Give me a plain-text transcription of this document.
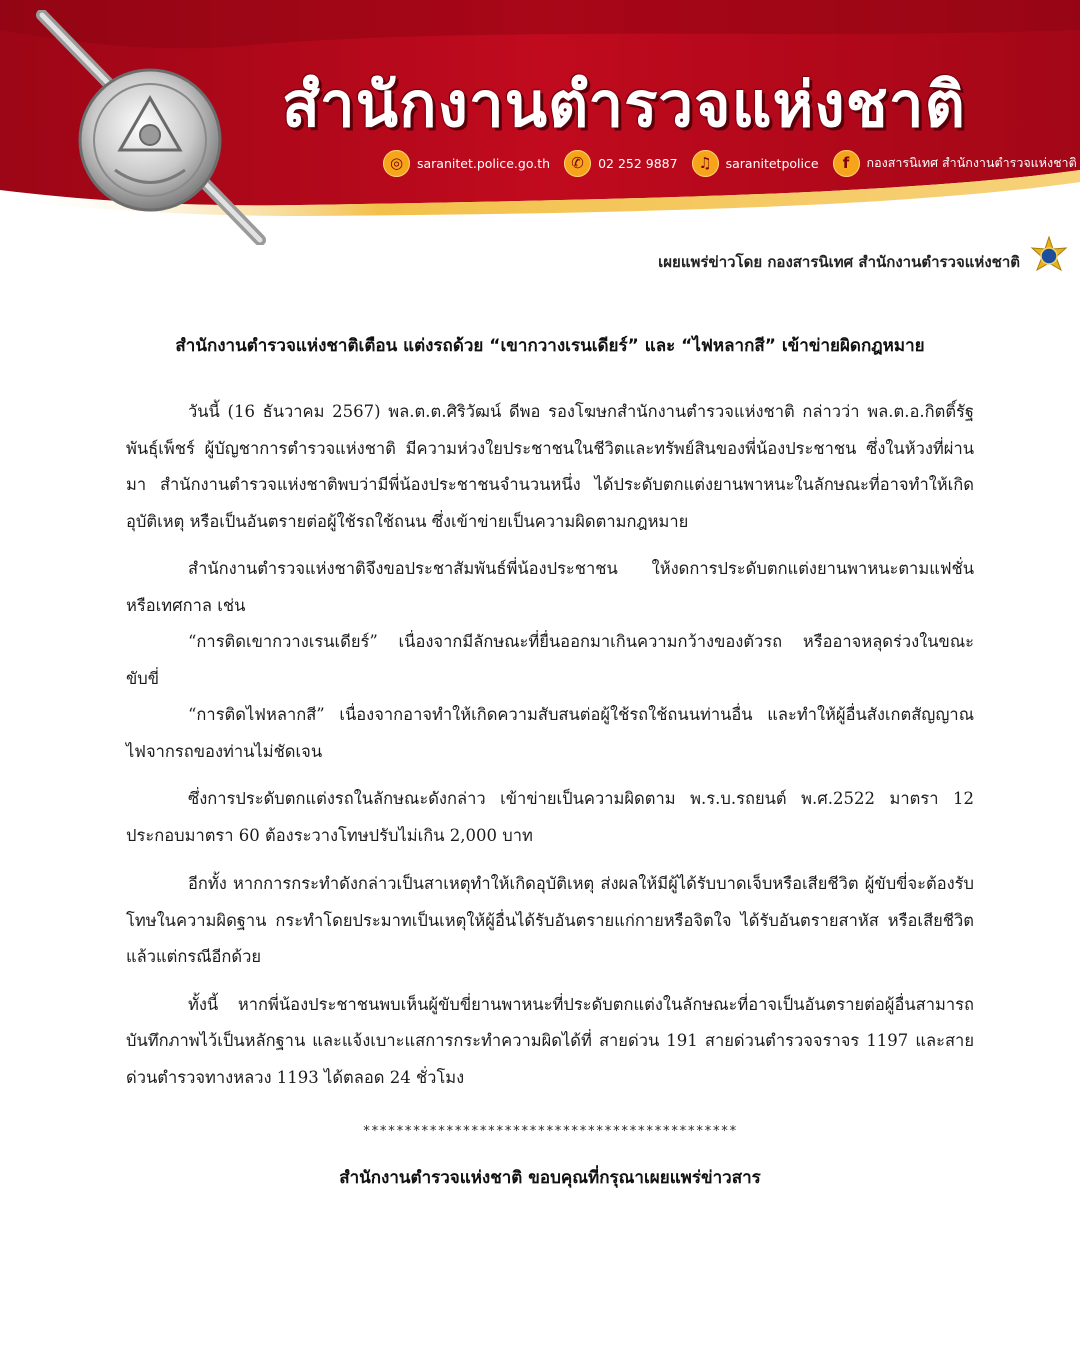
สำนักงานตำรวจแห่งชาติ
◎	saranitet.police.go.th	✆	02 252 9887	♫	saranitetpolice	f	กองสารนิเทศ สำนักงานตำรวจแห่งชาติ
เผยแพร่ข่าวโดย กองสารนิเทศ สำนักงานตำรวจแห่งชาติ
สำนักงานตำรวจแห่งชาติเตือน แต่งรถด้วย “เขากวางเรนเดียร์” และ “ไฟหลากสี” เข้าข่ายผิดกฎหมาย

วันนี้ (16 ธันวาคม 2567) พล.ต.ต.ศิริวัฒน์ ดีพอ รองโฆษกสำนักงานตำรวจแห่งชาติ กล่าวว่า พล.ต.อ.กิตติ์รัฐ พันธุ์เพ็ชร์ ผู้บัญชาการตำรวจแห่งชาติ มีความห่วงใยประชาชนในชีวิตและทรัพย์สินของพี่น้องประชาชน ซึ่งในห้วงที่ผ่านมา สำนักงานตำรวจแห่งชาติพบว่ามีพี่น้องประชาชนจำนวนหนึ่ง ได้ประดับตกแต่งยานพาหนะในลักษณะที่อาจทำให้เกิดอุบัติเหตุ หรือเป็นอันตรายต่อผู้ใช้รถใช้ถนน ซึ่งเข้าข่ายเป็นความผิดตามกฎหมาย

สำนักงานตำรวจแห่งชาติจึงขอประชาสัมพันธ์พี่น้องประชาชน ให้งดการประดับตกแต่งยานพาหนะตามแฟชั่น หรือเทศกาล เช่น

“การติดเขากวางเรนเดียร์” เนื่องจากมีลักษณะที่ยื่นออกมาเกินความกว้างของตัวรถ หรืออาจหลุดร่วงในขณะขับขี่

“การติดไฟหลากสี” เนื่องจากอาจทำให้เกิดความสับสนต่อผู้ใช้รถใช้ถนนท่านอื่น และทำให้ผู้อื่นสังเกตสัญญาณไฟจากรถของท่านไม่ชัดเจน

ซึ่งการประดับตกแต่งรถในลักษณะดังกล่าว เข้าข่ายเป็นความผิดตาม พ.ร.บ.รถยนต์ พ.ศ.2522 มาตรา 12 ประกอบมาตรา 60 ต้องระวางโทษปรับไม่เกิน 2,000 บาท

อีกทั้ง หากการกระทำดังกล่าวเป็นสาเหตุทำให้เกิดอุบัติเหตุ ส่งผลให้มีผู้ได้รับบาดเจ็บหรือเสียชีวิต ผู้ขับขี่จะต้องรับโทษในความผิดฐาน กระทำโดยประมาทเป็นเหตุให้ผู้อื่นได้รับอันตรายแก่กายหรือจิตใจ ได้รับอันตรายสาหัส หรือเสียชีวิต แล้วแต่กรณีอีกด้วย

ทั้งนี้ หากพี่น้องประชาชนพบเห็นผู้ขับขี่ยานพาหนะที่ประดับตกแต่งในลักษณะที่อาจเป็นอันตรายต่อผู้อื่นสามารถบันทึกภาพไว้เป็นหลักฐาน และแจ้งเบาะแสการกระทำความผิดได้ที่ สายด่วน 191 สายด่วนตำรวจจราจร 1197 และสายด่วนตำรวจทางหลวง 1193 ได้ตลอด 24 ชั่วโมง

*********************************************
สำนักงานตำรวจแห่งชาติ ขอบคุณที่กรุณาเผยแพร่ข่าวสาร
